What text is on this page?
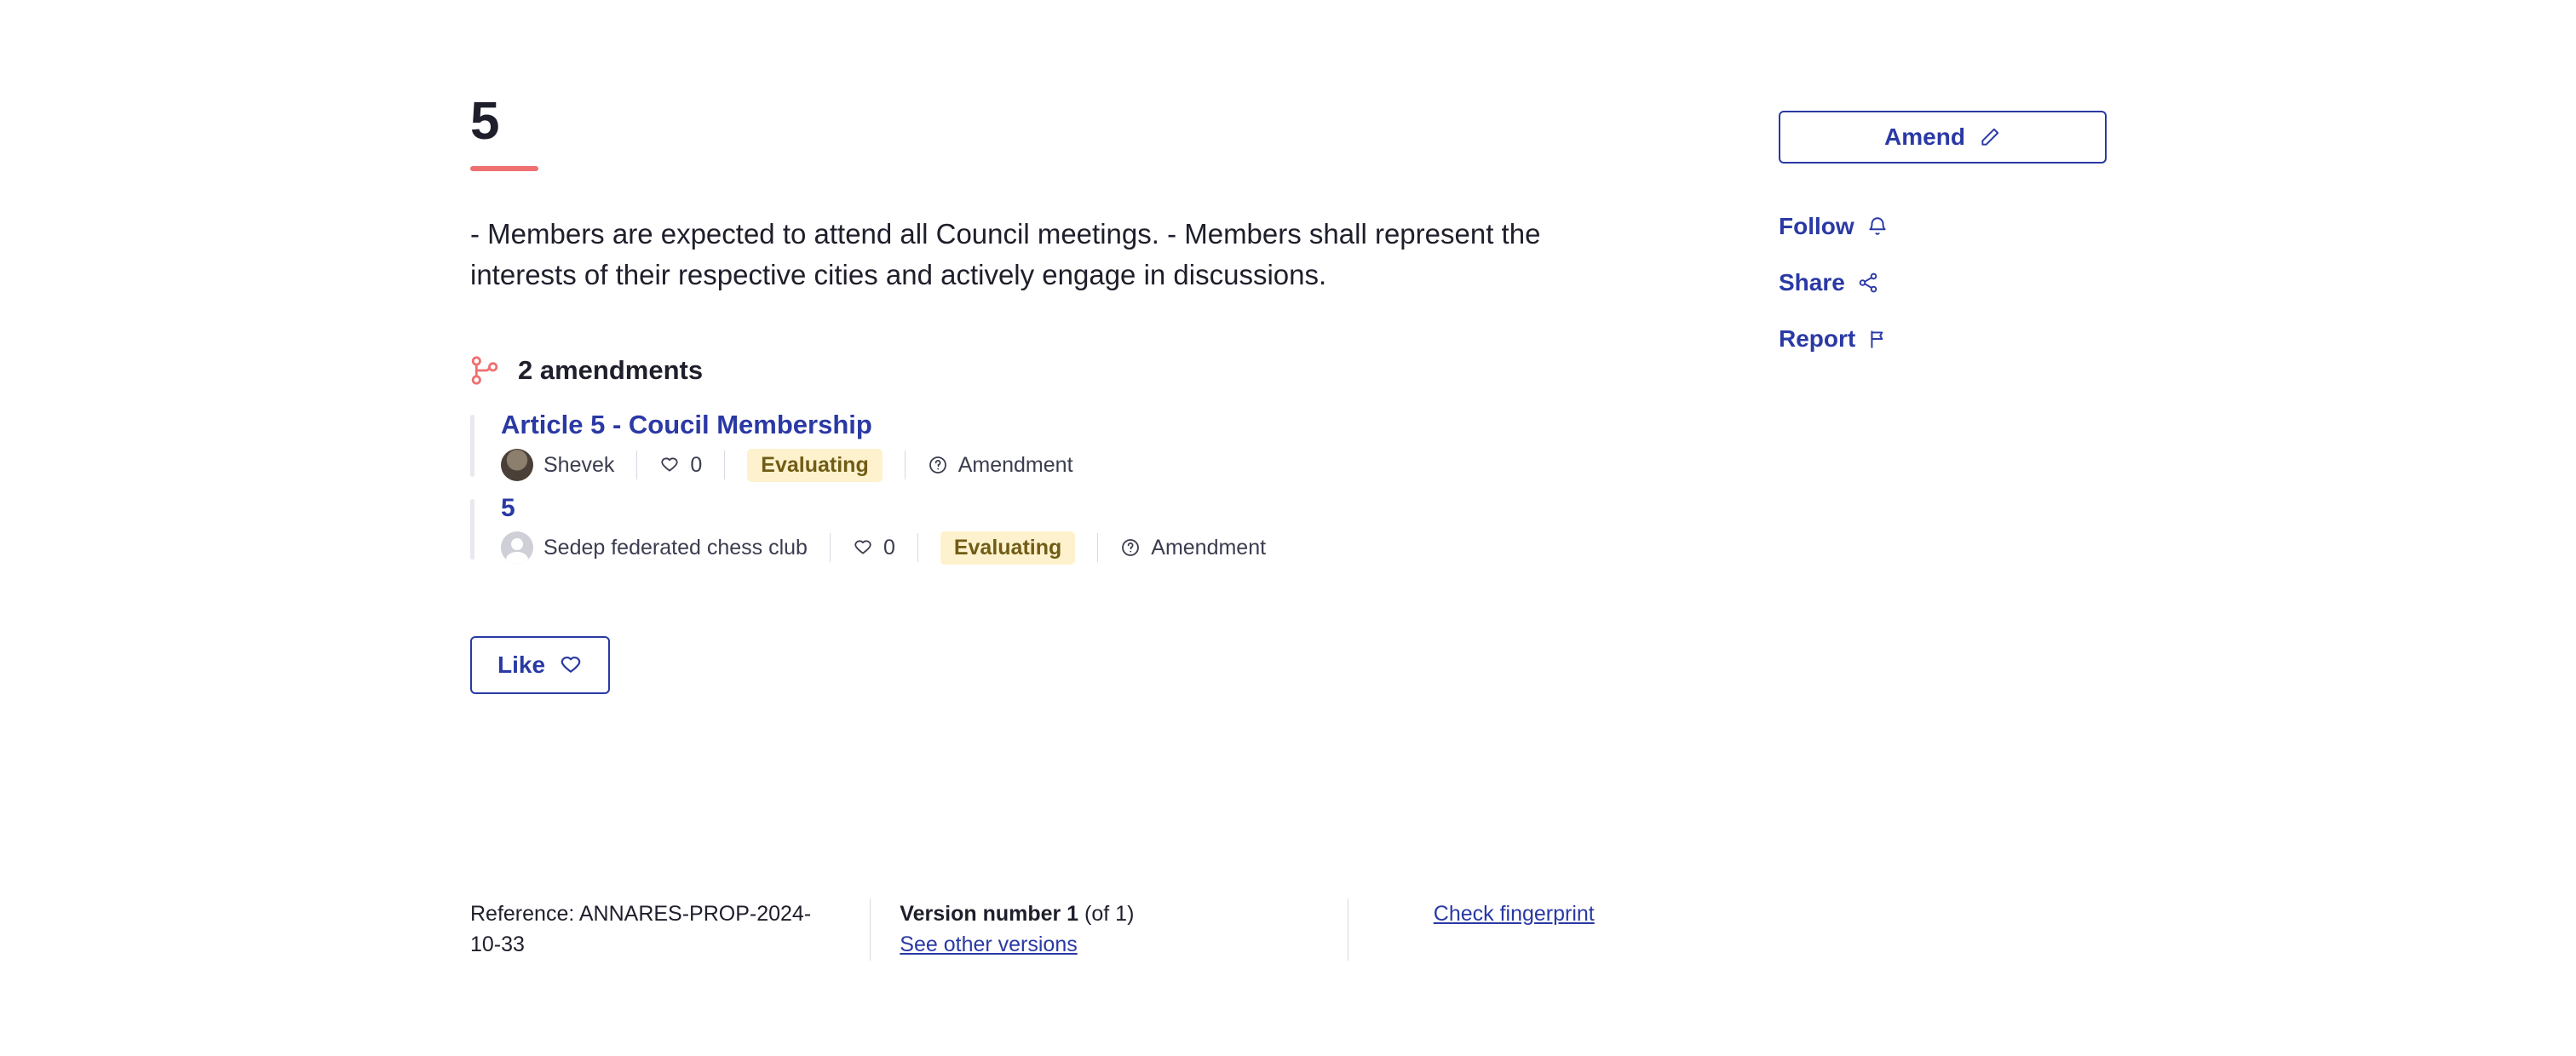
5

- Members are expected to attend all Council meetings. - Members shall represent the interests of their respective cities and actively engage in discussions.

2 amendments
Article 5 - Coucil Membership
Shevek	0	Evaluating	Amendment
5
Sedep federated chess club	0	Evaluating	Amendment
Like
Reference: ANNARES-PROP-2024-10-33
Version number 1 (of 1)
See other versions
Check fingerprint
Amend
Follow
Share
Report
